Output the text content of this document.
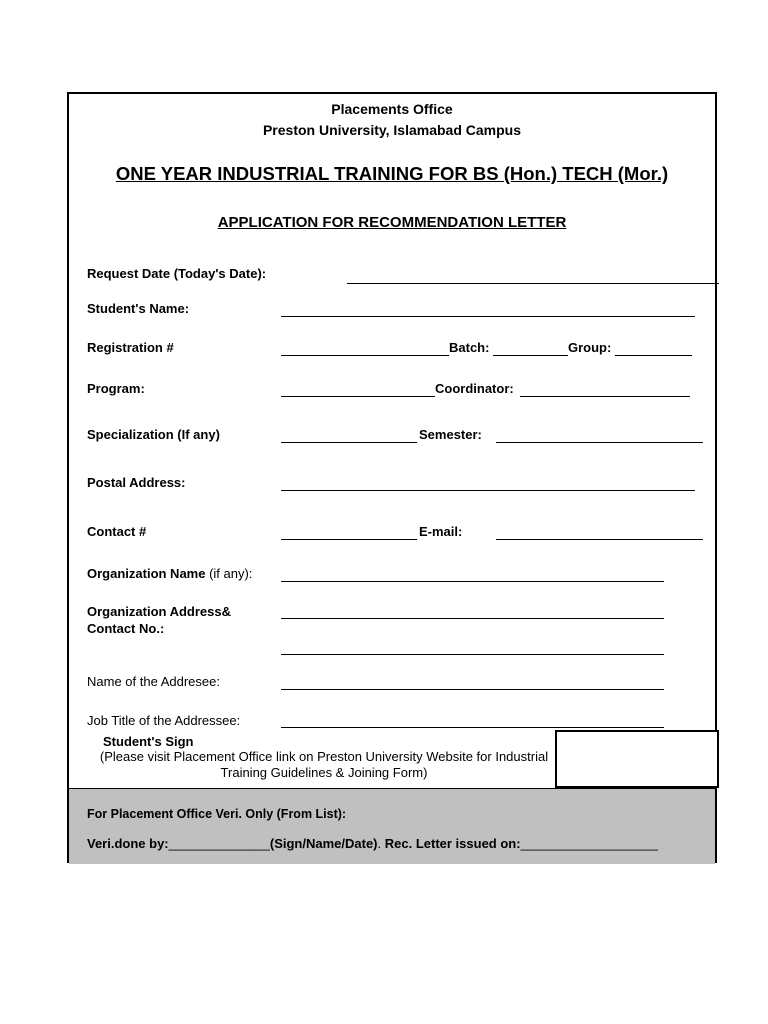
Placements Office
Preston University, Islamabad Campus
ONE YEAR INDUSTRIAL TRAINING FOR BS (Hon.) TECH (Mor.)
APPLICATION FOR RECOMMENDATION LETTER
Request Date (Today's Date):
Student's Name:
Registration #	Batch:	Group:
Program:	Coordinator:
Specialization (If any)	Semester:
Postal Address:
Contact #	E-mail:
Organization Name (if any):
Organization Address&
Contact No.:
Name of the Addresee:
Job Title of the Addressee:
Student's Sign
(Please visit Placement Office link on Preston University Website for Industrial Training Guidelines & Joining Form)
For Placement Office Veri. Only (From List):
Veri.done by:______________(Sign/Name/Date). Rec. Letter issued on:___________________
